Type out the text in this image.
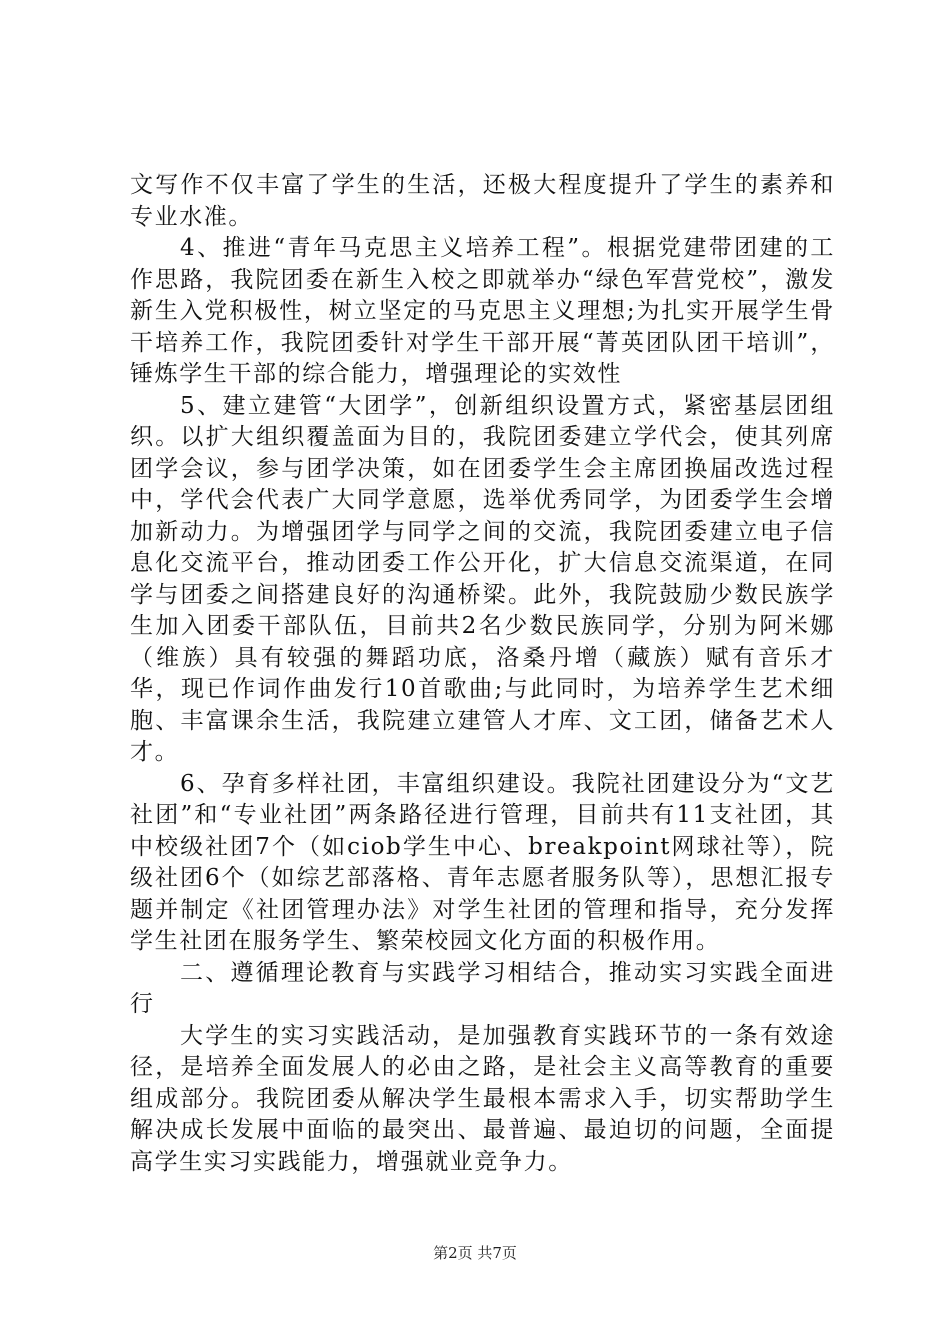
文写作不仅丰富了学生的生活，还极大程度提升了学生的素养和专业水准。

4、推进“青年马克思主义培养工程”。根据党建带团建的工作思路，我院团委在新生入校之即就举办“绿色军营党校”，激发新生入党积极性，树立坚定的马克思主义理想;为扎实开展学生骨干培养工作，我院团委针对学生干部开展“菁英团队团干培训”，锤炼学生干部的综合能力，增强理论的实效性

5、建立建管“大团学”，创新组织设置方式，紧密基层团组织。以扩大组织覆盖面为目的，我院团委建立学代会，使其列席团学会议，参与团学决策，如在团委学生会主席团换届改选过程中，学代会代表广大同学意愿，选举优秀同学，为团委学生会增加新动力。为增强团学与同学之间的交流，我院团委建立电子信息化交流平台，推动团委工作公开化，扩大信息交流渠道，在同学与团委之间搭建良好的沟通桥梁。此外，我院鼓励少数民族学生加入团委干部队伍，目前共2名少数民族同学，分别为阿米娜（维族）具有较强的舞蹈功底，洛桑丹增（藏族）赋有音乐才华，现已作词作曲发行10首歌曲;与此同时，为培养学生艺术细胞、丰富课余生活，我院建立建管人才库、文工团，储备艺术人才。

6、孕育多样社团，丰富组织建设。我院社团建设分为“文艺社团”和“专业社团”两条路径进行管理，目前共有11支社团，其中校级社团7个（如ciob学生中心、breakpoint网球社等），院级社团6个（如综艺部落格、青年志愿者服务队等），思想汇报专题并制定《社团管理办法》对学生社团的管理和指导，充分发挥学生社团在服务学生、繁荣校园文化方面的积极作用。

二、遵循理论教育与实践学习相结合，推动实习实践全面进行

大学生的实习实践活动，是加强教育实践环节的一条有效途径，是培养全面发展人的必由之路，是社会主义高等教育的重要组成部分。我院团委从解决学生最根本需求入手，切实帮助学生解决成长发展中面临的最突出、最普遍、最迫切的问题，全面提高学生实习实践能力，增强就业竞争力。

第2页 共7页
